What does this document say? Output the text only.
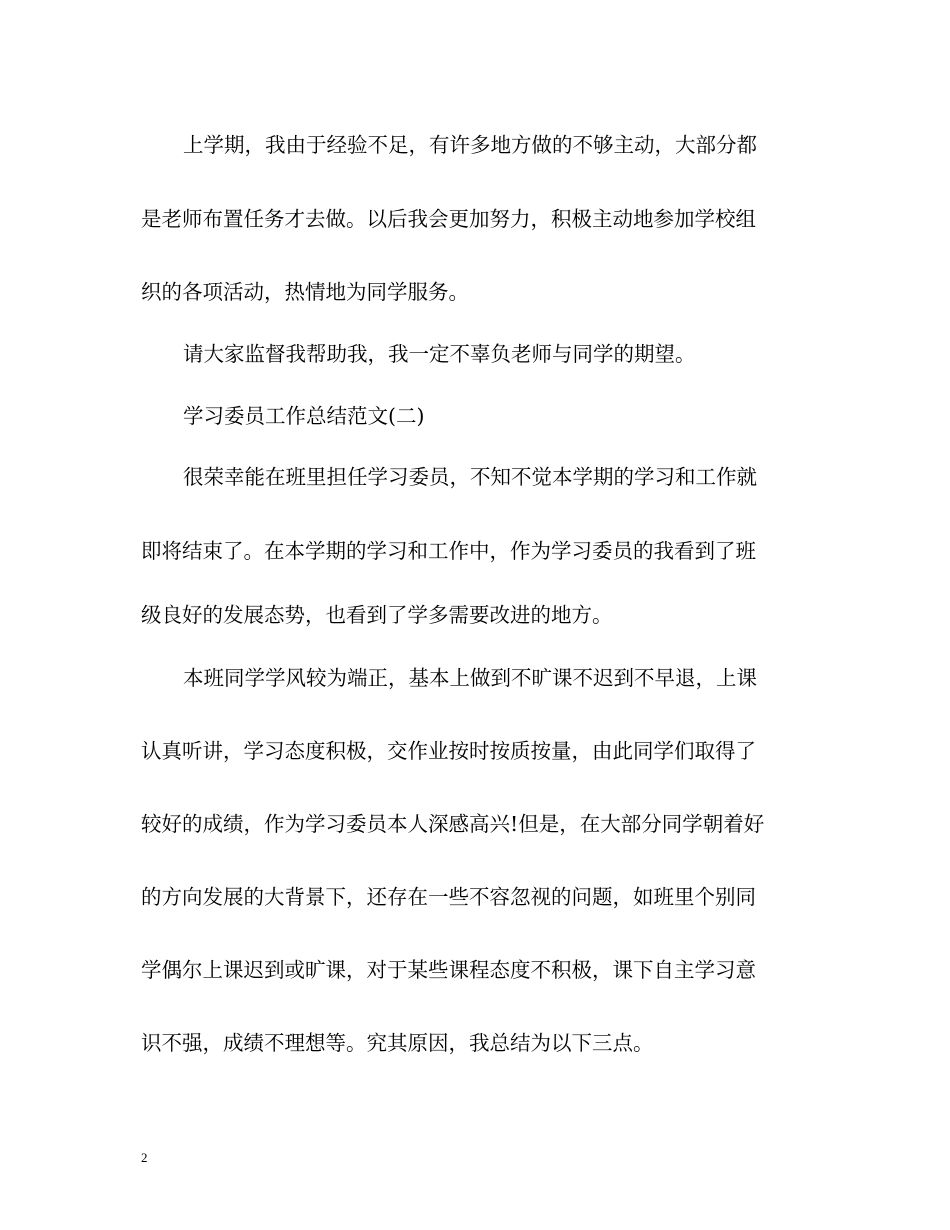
上学期，我由于经验不足，有许多地方做的不够主动，大部分都
是老师布置任务才去做。以后我会更加努力，积极主动地参加学校组
织的各项活动，热情地为同学服务。
请大家监督我帮助我，我一定不辜负老师与同学的期望。
学习委员工作总结范文(二)
很荣幸能在班里担任学习委员，不知不觉本学期的学习和工作就
即将结束了。在本学期的学习和工作中，作为学习委员的我看到了班
级良好的发展态势，也看到了学多需要改进的地方。
本班同学学风较为端正，基本上做到不旷课不迟到不早退，上课
认真听讲，学习态度积极，交作业按时按质按量，由此同学们取得了
较好的成绩，作为学习委员本人深感高兴!但是，在大部分同学朝着好
的方向发展的大背景下，还存在一些不容忽视的问题，如班里个别同
学偶尔上课迟到或旷课，对于某些课程态度不积极，课下自主学习意
识不强，成绩不理想等。究其原因，我总结为以下三点。
2
